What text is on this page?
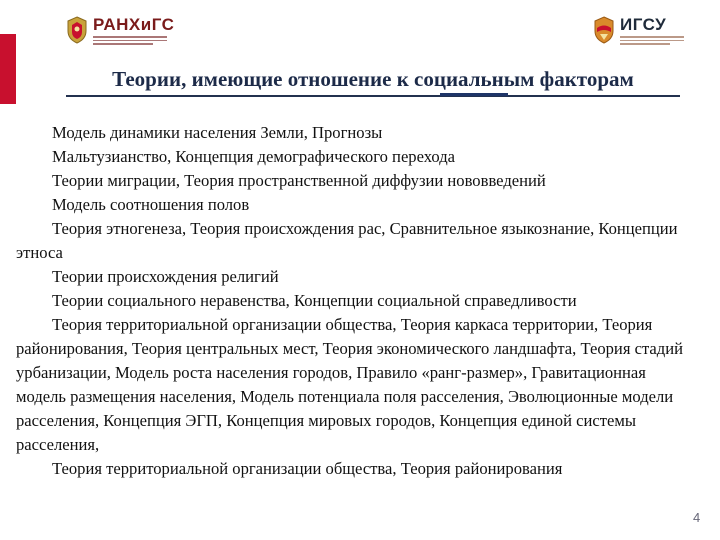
РАНХиГС	ИГСУ
Теории, имеющие отношение к социальным факторам

Модель динамики населения Земли, Прогнозы

Мальтузианство, Концепция демографического перехода

Теории миграции, Теория пространственной диффузии нововведений

Модель соотношения полов

Теория этногенеза, Теория происхождения рас, Сравнительное языкознание, Концепции этноса

Теории происхождения религий

Теории социального неравенства, Концепции социальной справедливости

Теория территориальной организации общества, Теория каркаса территории, Теория районирования, Теория центральных мест, Теория экономического ландшафта, Теория стадий урбанизации, Модель роста населения городов, Правило «ранг-размер», Гравитационная модель размещения населения, Модель потенциала поля расселения, Эволюционные модели расселения, Концепция ЭГП, Концепция мировых городов, Концепция единой системы расселения,

Теория территориальной организации общества, Теория районирования

4
